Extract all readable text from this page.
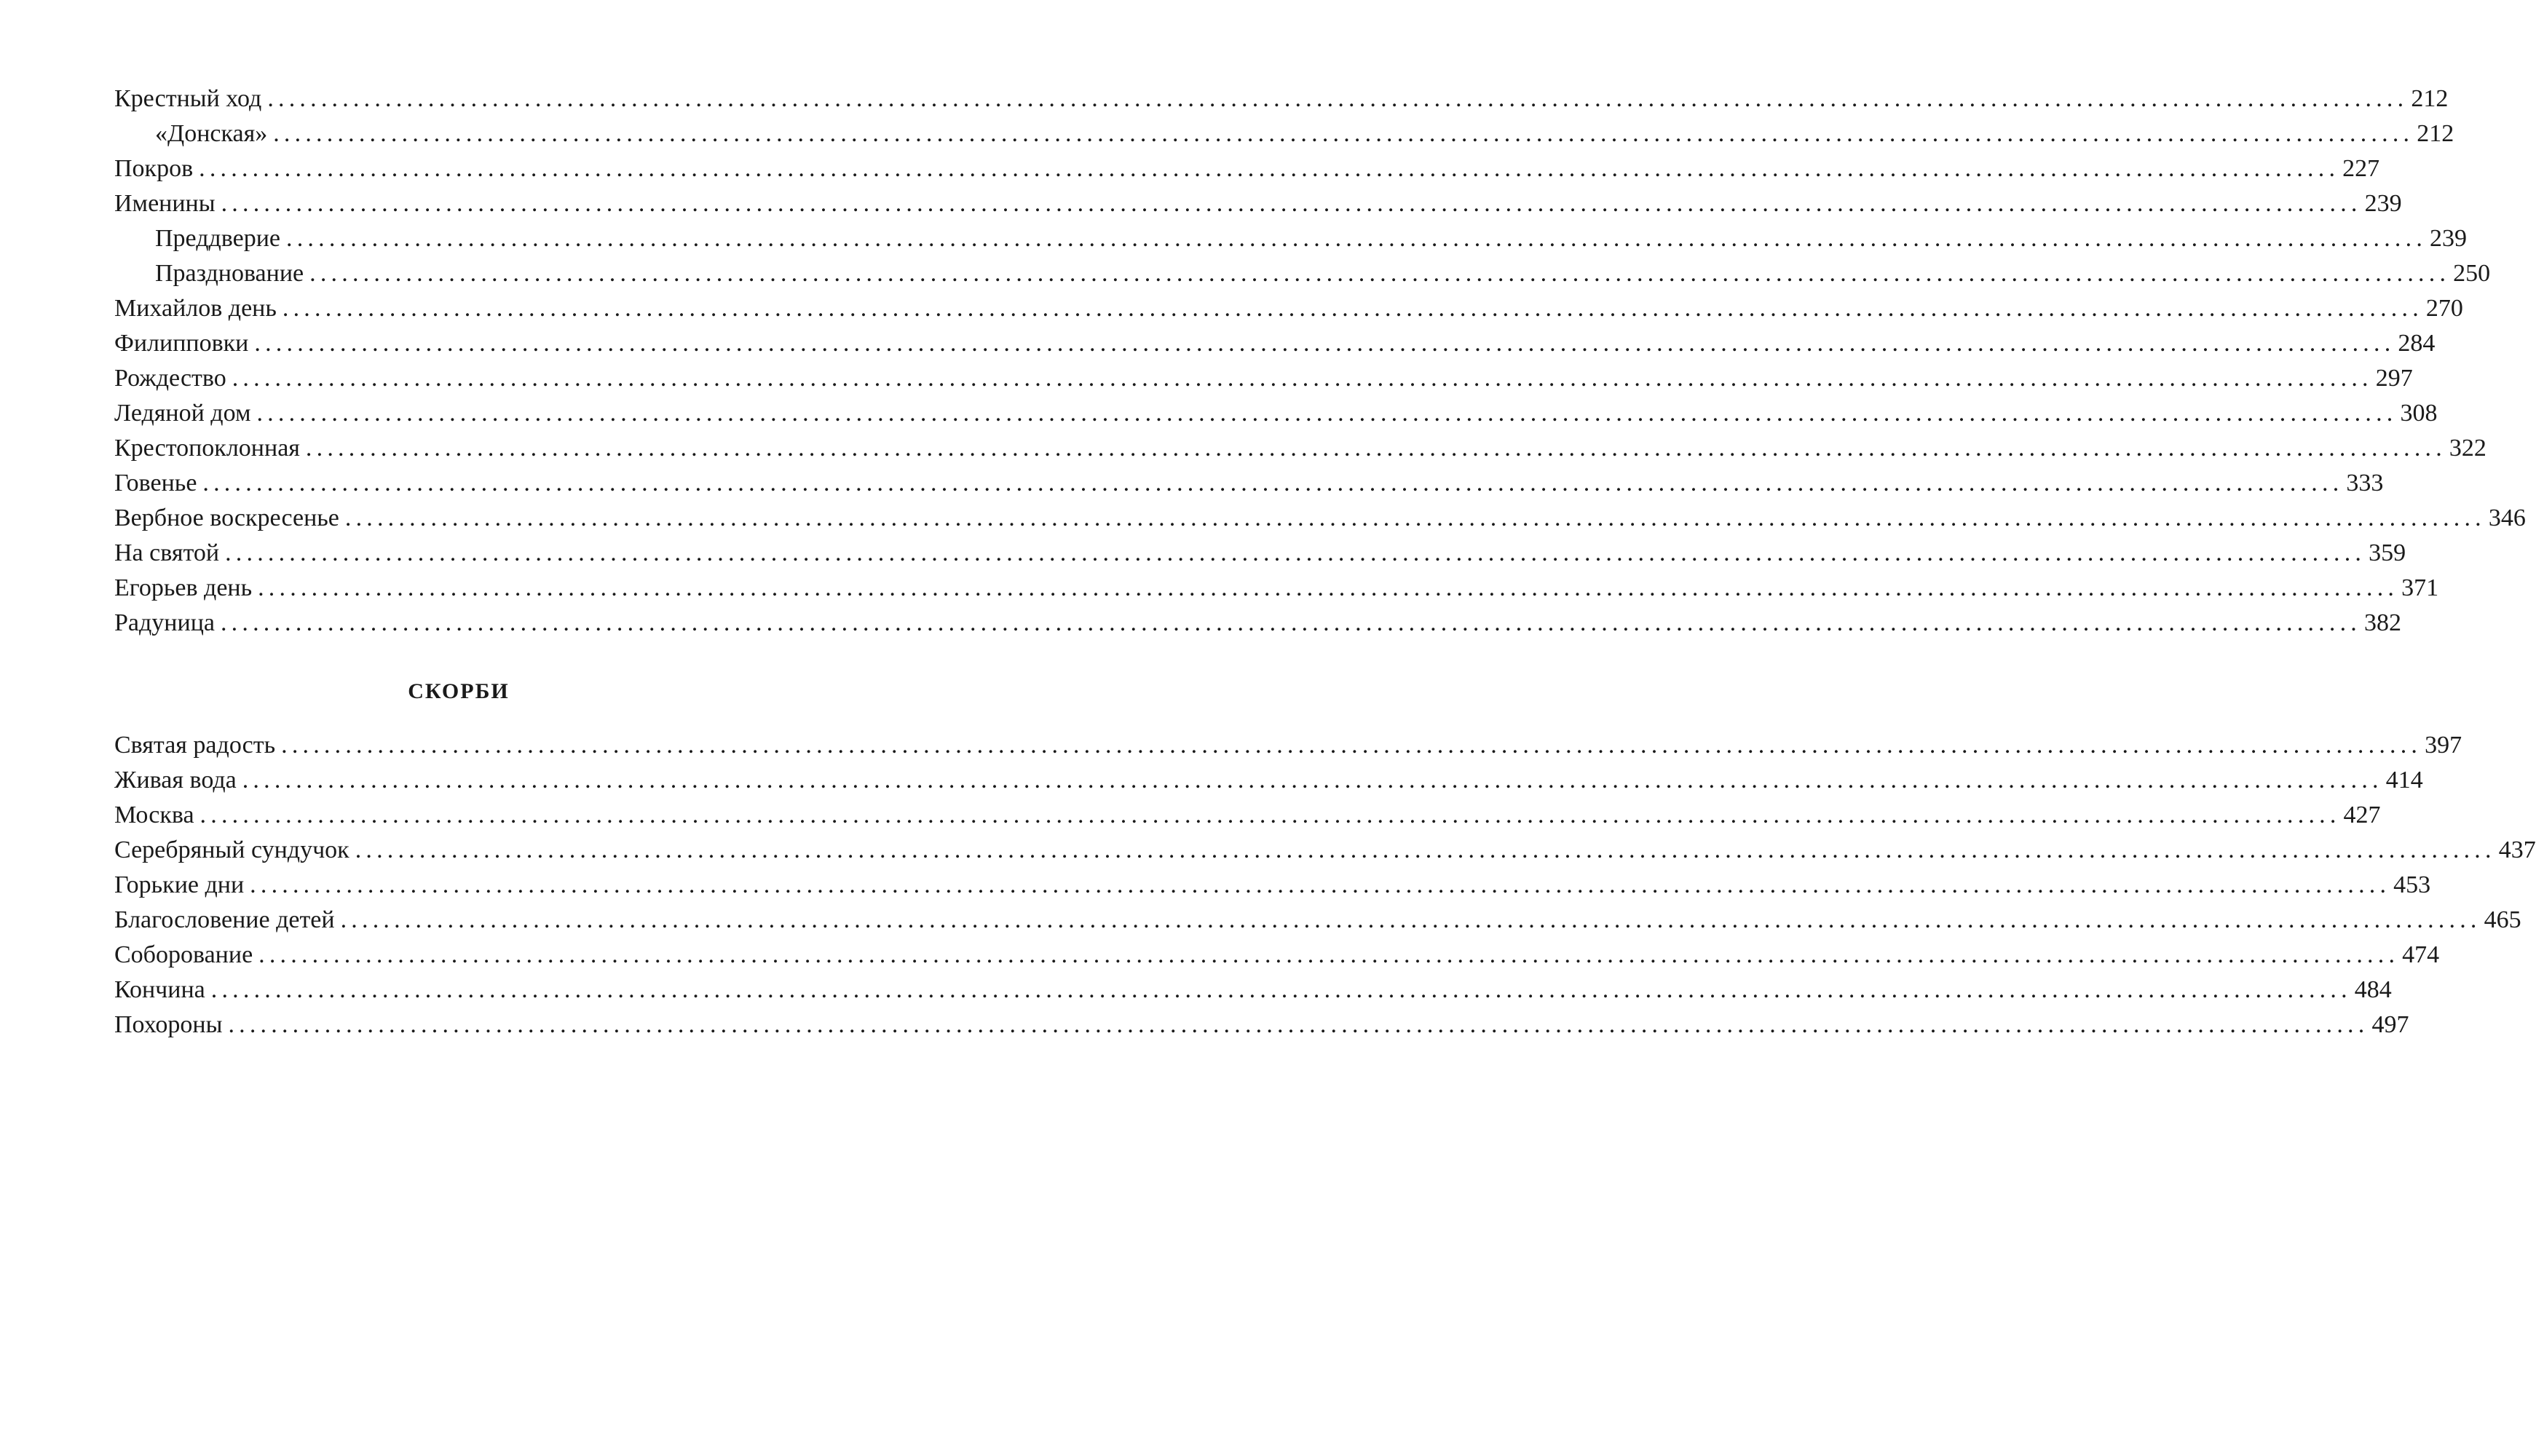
Крестный ход ........................................................................................................................................................................................................ 212
«Донская» ........................................................................................................................................................................................................ 212
Покров ........................................................................................................................................................................................................ 227
Именины ........................................................................................................................................................................................................ 239
Преддверие ........................................................................................................................................................................................................ 239
Празднование ........................................................................................................................................................................................................ 250
Михайлов день ........................................................................................................................................................................................................ 270
Филипповки ........................................................................................................................................................................................................ 284
Рождество ........................................................................................................................................................................................................ 297
Ледяной дом ........................................................................................................................................................................................................ 308
Крестопоклонная ........................................................................................................................................................................................................ 322
Говенье ........................................................................................................................................................................................................ 333
Вербное воскресенье ........................................................................................................................................................................................................ 346
На святой ........................................................................................................................................................................................................ 359
Егорьев день ........................................................................................................................................................................................................ 371
Радуница ........................................................................................................................................................................................................ 382
СКОРБИ
Святая радость ........................................................................................................................................................................................................ 397
Живая вода ........................................................................................................................................................................................................ 414
Москва ........................................................................................................................................................................................................ 427
Серебряный сундучок ........................................................................................................................................................................................................ 437
Горькие дни ........................................................................................................................................................................................................ 453
Благословение детей ........................................................................................................................................................................................................ 465
Соборование ........................................................................................................................................................................................................ 474
Кончина ........................................................................................................................................................................................................ 484
Похороны ........................................................................................................................................................................................................ 497
